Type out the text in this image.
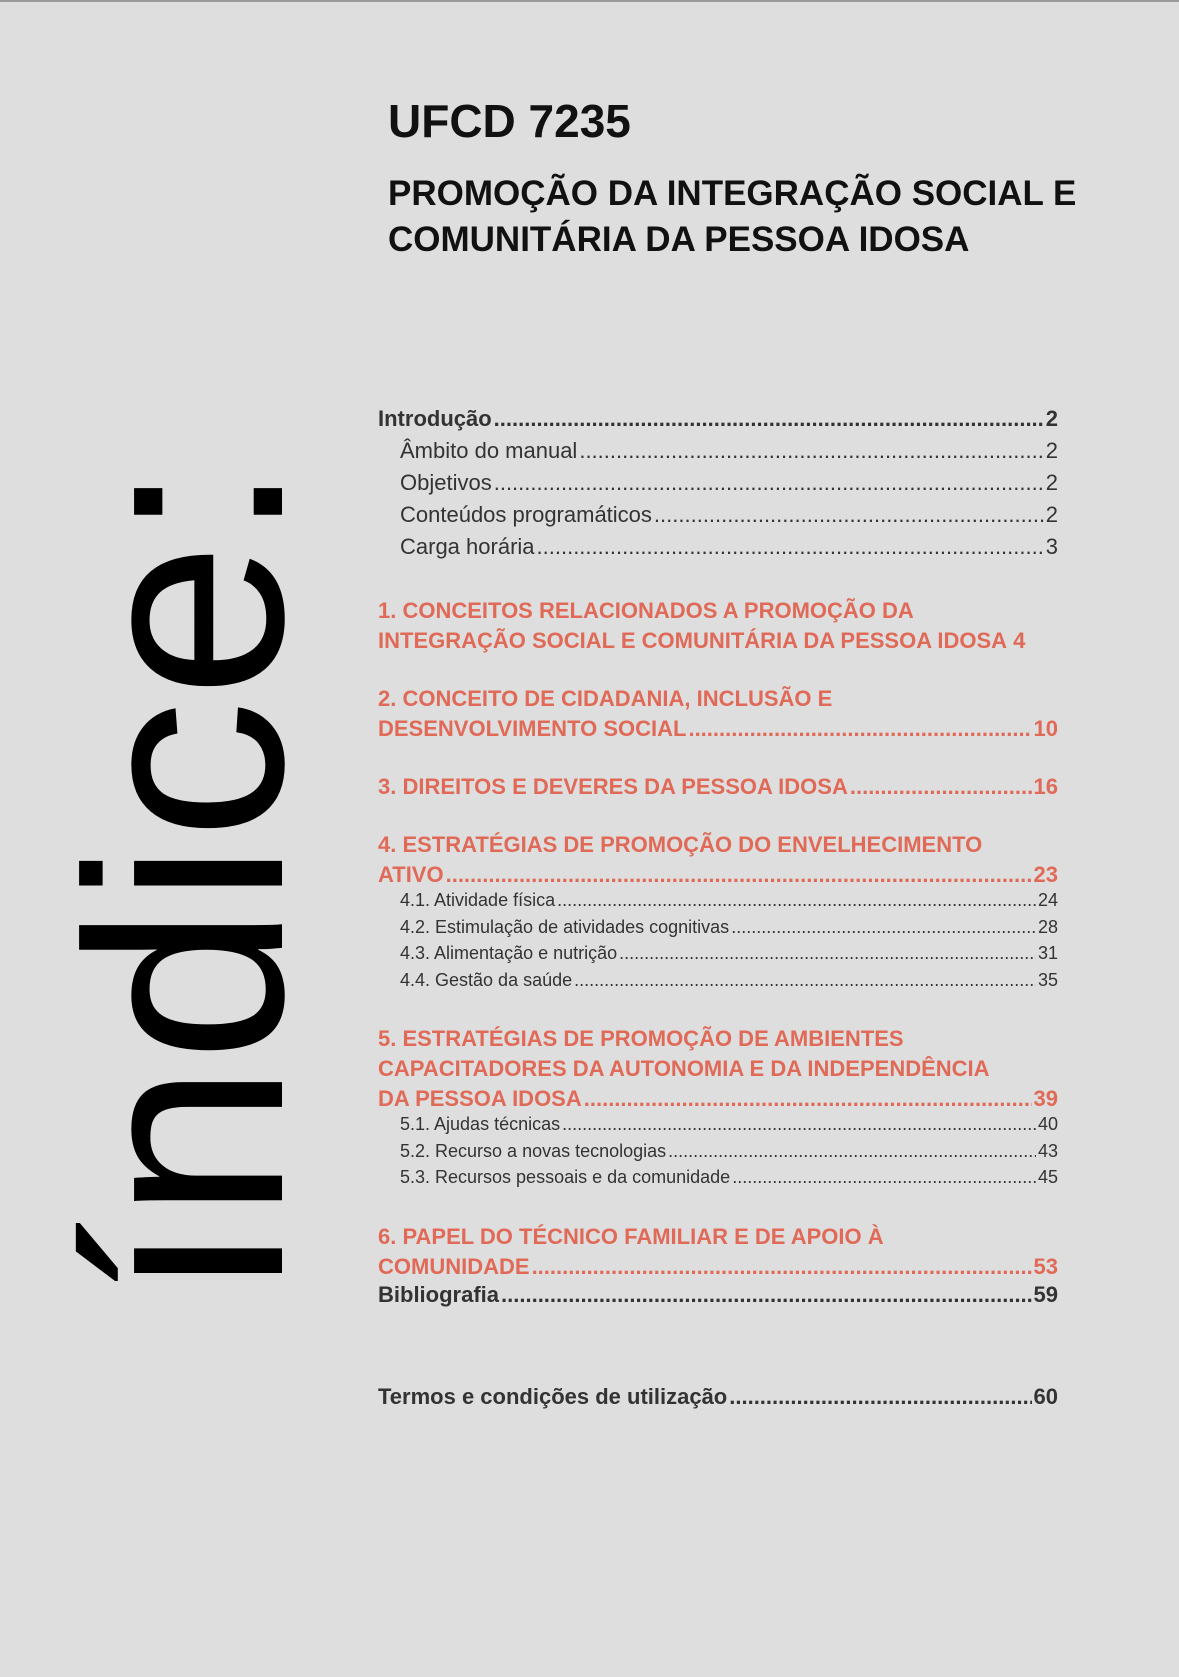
índice:
UFCD 7235
PROMOÇÃO DA INTEGRAÇÃO SOCIAL E
COMUNITÁRIA DA PESSOA IDOSA
Introdução .....	2
Âmbito do manual .....	2
Objetivos .....	2
Conteúdos programáticos .....	2
Carga horária .....	3
1. CONCEITOS RELACIONADOS A PROMOÇÃO DA
INTEGRAÇÃO SOCIAL E COMUNITÁRIA DA PESSOA IDOSA 4
2. CONCEITO DE CIDADANIA, INCLUSÃO E
DESENVOLVIMENTO SOCIAL .....	10
3. DIREITOS E DEVERES DA PESSOA IDOSA .....	16
4. ESTRATÉGIAS DE PROMOÇÃO DO ENVELHECIMENTO
ATIVO .....	23
4.1. Atividade física .....	24
4.2. Estimulação de atividades cognitivas .....	28
4.3. Alimentação e nutrição .....	31
4.4. Gestão da saúde .....	35
5. ESTRATÉGIAS DE PROMOÇÃO DE AMBIENTES
CAPACITADORES DA AUTONOMIA E DA INDEPENDÊNCIA
DA PESSOA IDOSA .....	39
5.1. Ajudas técnicas .....	40
5.2. Recurso a novas tecnologias .....	43
5.3. Recursos pessoais e da comunidade .....	45
6. PAPEL DO TÉCNICO FAMILIAR E DE APOIO À
COMUNIDADE .....	53
Bibliografia .....	59
Termos e condições de utilização .....	60
